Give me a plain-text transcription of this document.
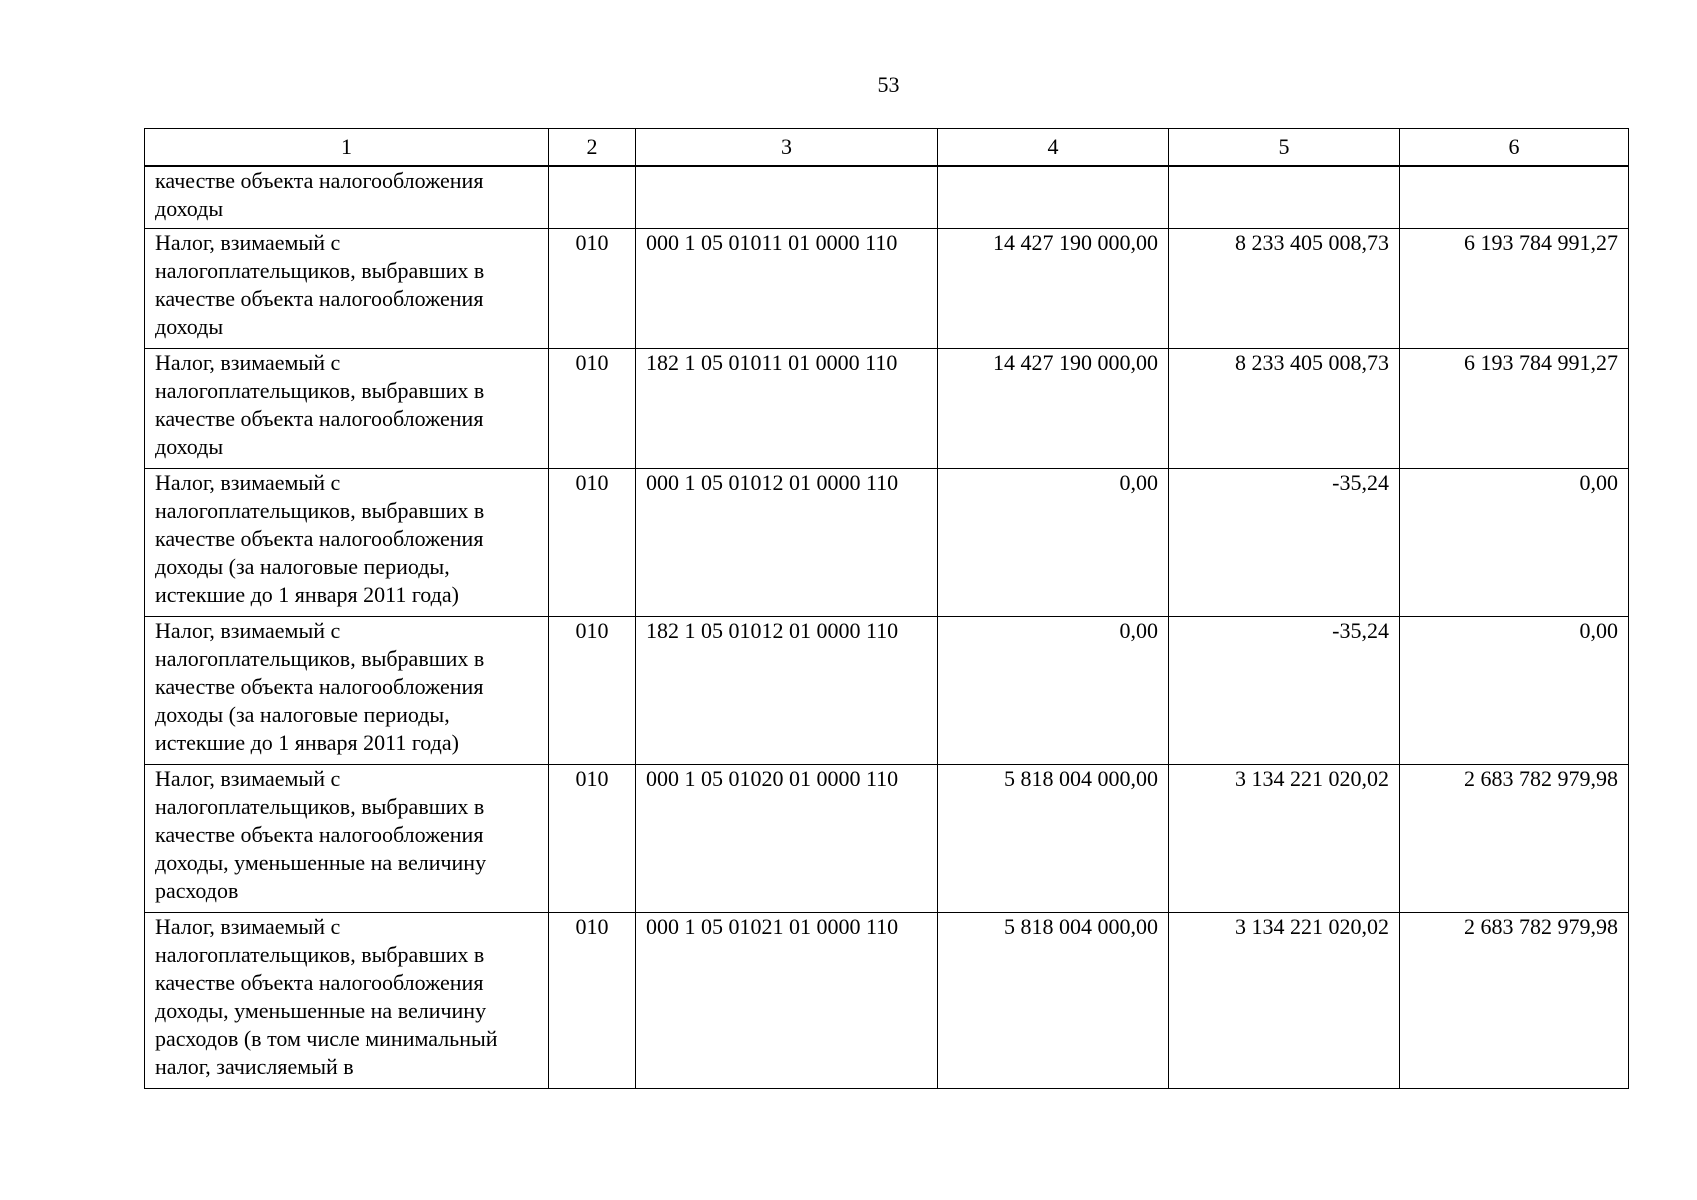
53
1	2	3	4	5	6
качестве объекта налогообложения доходы					
Налог, взимаемый с налогоплательщиков, выбравших в качестве объекта налогообложения доходы	010	000 1 05 01011 01 0000 110	14 427 190 000,00	8 233 405 008,73	6 193 784 991,27
Налог, взимаемый с налогоплательщиков, выбравших в качестве объекта налогообложения доходы	010	182 1 05 01011 01 0000 110	14 427 190 000,00	8 233 405 008,73	6 193 784 991,27
Налог, взимаемый с налогоплательщиков, выбравших в качестве объекта налогообложения доходы (за налоговые периоды, истекшие до 1 января 2011 года)	010	000 1 05 01012 01 0000 110	0,00	-35,24	0,00
Налог, взимаемый с налогоплательщиков, выбравших в качестве объекта налогообложения доходы (за налоговые периоды, истекшие до 1 января 2011 года)	010	182 1 05 01012 01 0000 110	0,00	-35,24	0,00
Налог, взимаемый с налогоплательщиков, выбравших в качестве объекта налогообложения доходы, уменьшенные на величину расходов	010	000 1 05 01020 01 0000 110	5 818 004 000,00	3 134 221 020,02	2 683 782 979,98
Налог, взимаемый с налогоплательщиков, выбравших в качестве объекта налогообложения доходы, уменьшенные на величину расходов (в том числе минимальный налог, зачисляемый в	010	000 1 05 01021 01 0000 110	5 818 004 000,00	3 134 221 020,02	2 683 782 979,98
